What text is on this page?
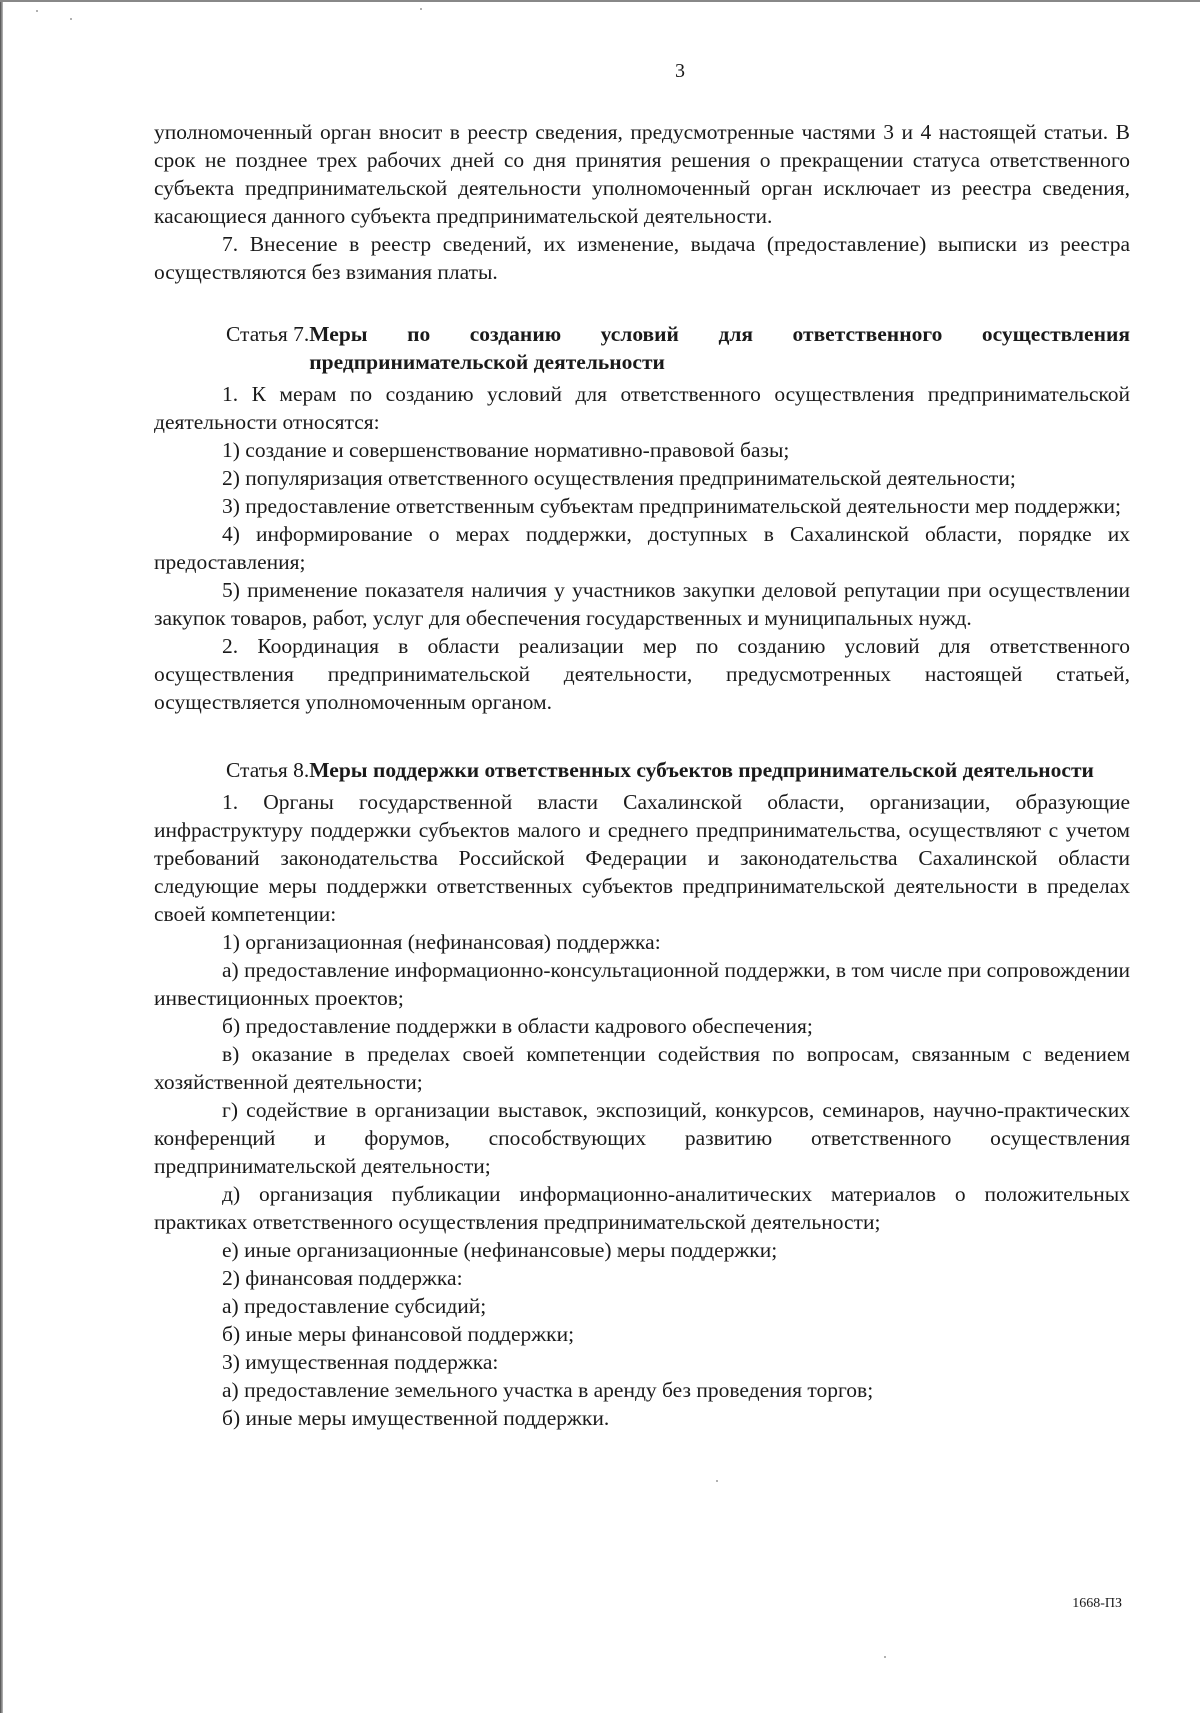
3

уполномоченный орган вносит в реестр сведения, предусмотренные частями 3 и 4 настоящей статьи. В срок не позднее трех рабочих дней со дня принятия решения о прекращении статуса ответственного субъекта предпринимательской деятельности уполномоченный орган исключает из реестра сведения, касающиеся данного субъекта предпринимательской деятельности.

7. Внесение в реестр сведений, их изменение, выдача (предоставление) выписки из реестра осуществляются без взимания платы.

Статья 7. Меры по созданию условий для ответственного осуществления предпринимательской деятельности

1. К мерам по созданию условий для ответственного осуществления предпринимательской деятельности относятся:

1) создание и совершенствование нормативно-правовой базы;

2) популяризация ответственного осуществления предпринимательской деятельности;

3) предоставление ответственным субъектам предпринимательской деятельности мер поддержки;

4) информирование о мерах поддержки, доступных в Сахалинской области, порядке их предоставления;

5) применение показателя наличия у участников закупки деловой репутации при осуществлении закупок товаров, работ, услуг для обеспечения государственных и муниципальных нужд.

2. Координация в области реализации мер по созданию условий для ответственного осуществления предпринимательской деятельности, предусмотренных настоящей статьей, осуществляется уполномоченным органом.

Статья 8. Меры поддержки ответственных субъектов предпринимательской деятельности

1. Органы государственной власти Сахалинской области, организации, образующие инфраструктуру поддержки субъектов малого и среднего предпринимательства, осуществляют с учетом требований законодательства Российской Федерации и законодательства Сахалинской области следующие меры поддержки ответственных субъектов предпринимательской деятельности в пределах своей компетенции:

1) организационная (нефинансовая) поддержка:

а) предоставление информационно-консультационной поддержки, в том числе при сопровождении инвестиционных проектов;

б) предоставление поддержки в области кадрового обеспечения;

в) оказание в пределах своей компетенции содействия по вопросам, связанным с ведением хозяйственной деятельности;

г) содействие в организации выставок, экспозиций, конкурсов, семинаров, научно-практических конференций и форумов, способствующих развитию ответственного осуществления предпринимательской деятельности;

д) организация публикации информационно-аналитических материалов о положительных практиках ответственного осуществления предпринимательской деятельности;

е) иные организационные (нефинансовые) меры поддержки;

2) финансовая поддержка:

а) предоставление субсидий;

б) иные меры финансовой поддержки;

3) имущественная поддержка:

а) предоставление земельного участка в аренду без проведения торгов;

б) иные меры имущественной поддержки.

1668-ПЗ
